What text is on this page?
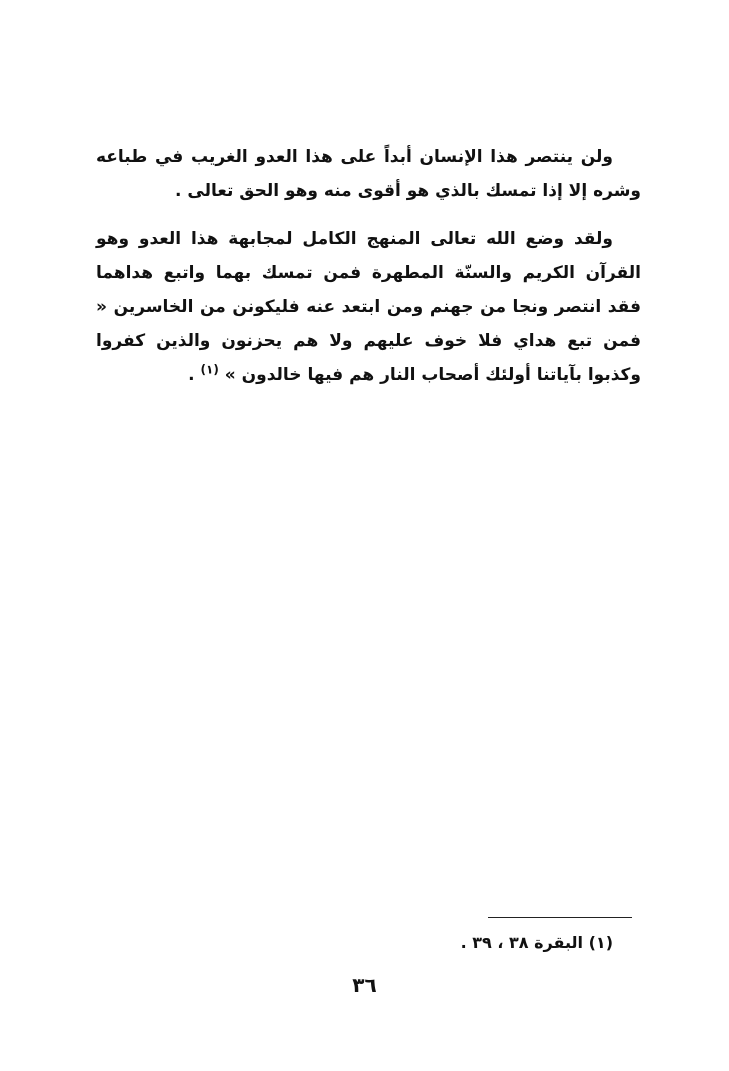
ولن ينتصر هذا الإنسان أبداً على هذا العدو الغريب في طباعه وشره إلا إذا تمسك بالذي هو أقوى منه وهو الحق تعالى .

ولقد وضع الله تعالى المنهج الكامل لمجابهة هذا العدو وهو القرآن الكريم والسنّة المطهرة فمن تمسك بهما واتبع هداهما فقد انتصر ونجا من جهنم ومن ابتعد عنه فليكونن من الخاسرين « فمن تبع هداي فلا خوف عليهم ولا هم يحزنون والذين كفروا وكذبوا بآياتنا أولئك أصحاب النار هم فيها خالدون » $^{(١)}$ .

(١) البقرة ٣٨ ، ٣٩ .
٣٦
